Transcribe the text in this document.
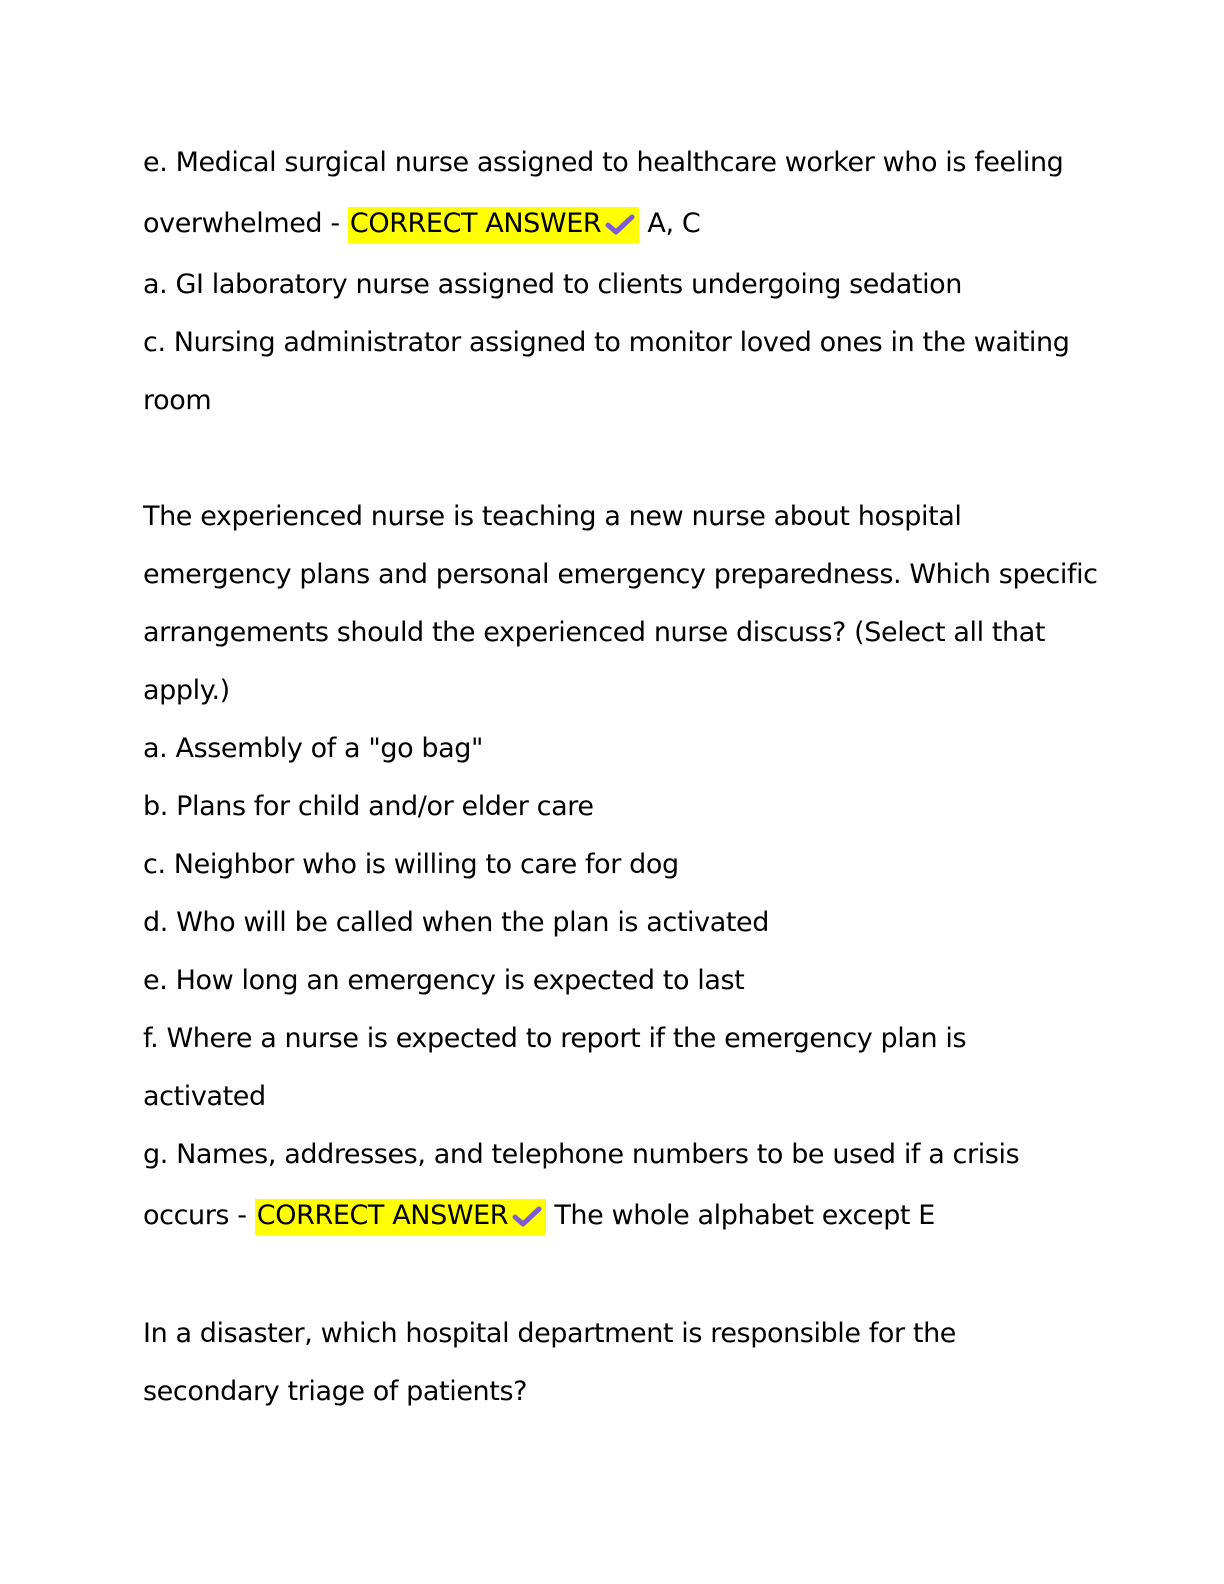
e. Medical surgical nurse assigned to healthcare worker who is feeling
overwhelmed - CORRECT ANSWER A, C
a. GI laboratory nurse assigned to clients undergoing sedation
c. Nursing administrator assigned to monitor loved ones in the waiting
room
The experienced nurse is teaching a new nurse about hospital
emergency plans and personal emergency preparedness. Which specific
arrangements should the experienced nurse discuss? (Select all that
apply.)
a. Assembly of a "go bag"
b. Plans for child and/or elder care
c. Neighbor who is willing to care for dog
d. Who will be called when the plan is activated
e. How long an emergency is expected to last
f. Where a nurse is expected to report if the emergency plan is
activated
g. Names, addresses, and telephone numbers to be used if a crisis
occurs - CORRECT ANSWER The whole alphabet except E
In a disaster, which hospital department is responsible for the
secondary triage of patients?
